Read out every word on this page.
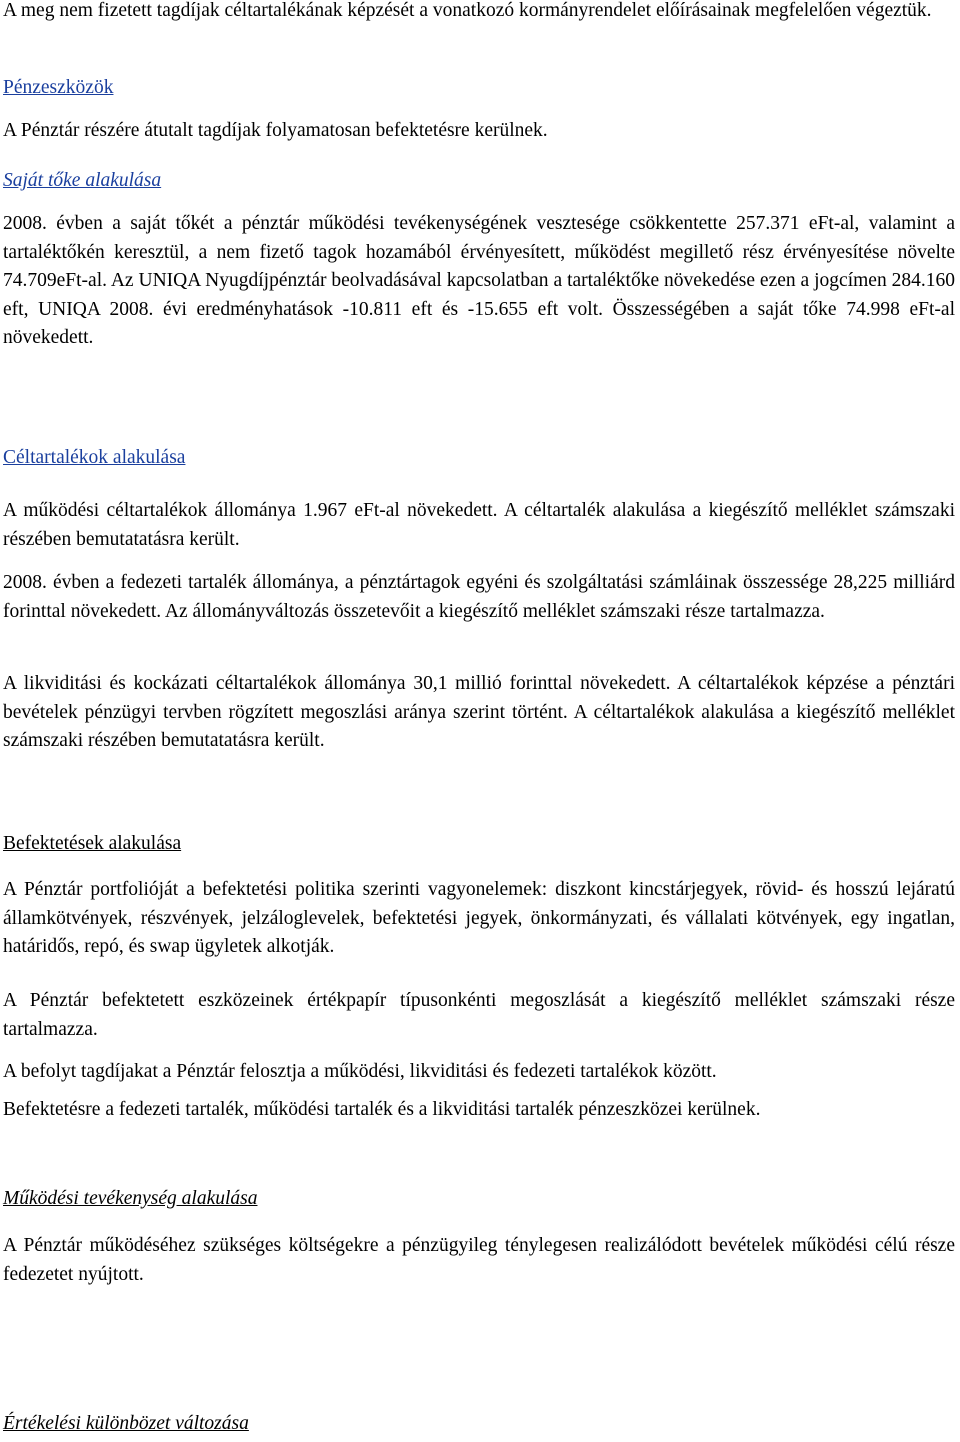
A meg nem fizetett tagdíjak céltartalékának képzését a vonatkozó kormányrendelet előírásainak megfelelően végeztük.

Pénzeszközök

A Pénztár részére átutalt tagdíjak folyamatosan befektetésre kerülnek.

Saját tőke alakulása

2008. évben a saját tőkét a pénztár működési tevékenységének vesztesége csökkentette 257.371 eFt-al, valamint a tartaléktőkén keresztül, a nem fizető tagok hozamából érvényesített, működést megillető rész érvényesítése növelte 74.709eFt-al. Az UNIQA Nyugdíjpénztár beolvadásával kapcsolatban a tartaléktőke növekedése ezen a jogcímen 284.160 eft, UNIQA 2008. évi eredményhatások -10.811 eft és -15.655 eft volt. Összességében a saját tőke 74.998 eFt-al növekedett.

Céltartalékok alakulása

A működési céltartalékok állománya 1.967 eFt-al növekedett. A céltartalék alakulása a kiegészítő melléklet számszaki részében bemutatatásra került.

2008. évben a fedezeti tartalék állománya, a pénztártagok egyéni és szolgáltatási számláinak összessége 28,225 milliárd forinttal növekedett. Az állományváltozás összetevőit a kiegészítő melléklet számszaki része tartalmazza.

A likviditási és kockázati céltartalékok állománya 30,1 millió forinttal növekedett. A céltartalékok képzése a pénztári bevételek pénzügyi tervben rögzített megoszlási aránya szerint történt. A céltartalékok alakulása a kiegészítő melléklet számszaki részében bemutatatásra került.

Befektetések alakulása

A Pénztár portfolióját a befektetési politika szerinti vagyonelemek: diszkont kincstárjegyek, rövid- és hosszú lejáratú államkötvények, részvények, jelzáloglevelek, befektetési jegyek, önkormányzati, és vállalati kötvények, egy ingatlan, határidős, repó, és swap ügyletek alkotják.

A Pénztár befektetett eszközeinek értékpapír típusonkénti megoszlását a kiegészítő melléklet számszaki része tartalmazza.

A befolyt tagdíjakat a Pénztár felosztja a működési, likviditási és fedezeti tartalékok között.

Befektetésre a fedezeti tartalék, működési tartalék és a likviditási tartalék pénzeszközei kerülnek.

Működési tevékenység alakulása

A Pénztár működéséhez szükséges költségekre a pénzügyileg ténylegesen realizálódott bevételek működési célú része fedezetet nyújtott.

Értékelési különbözet változása
